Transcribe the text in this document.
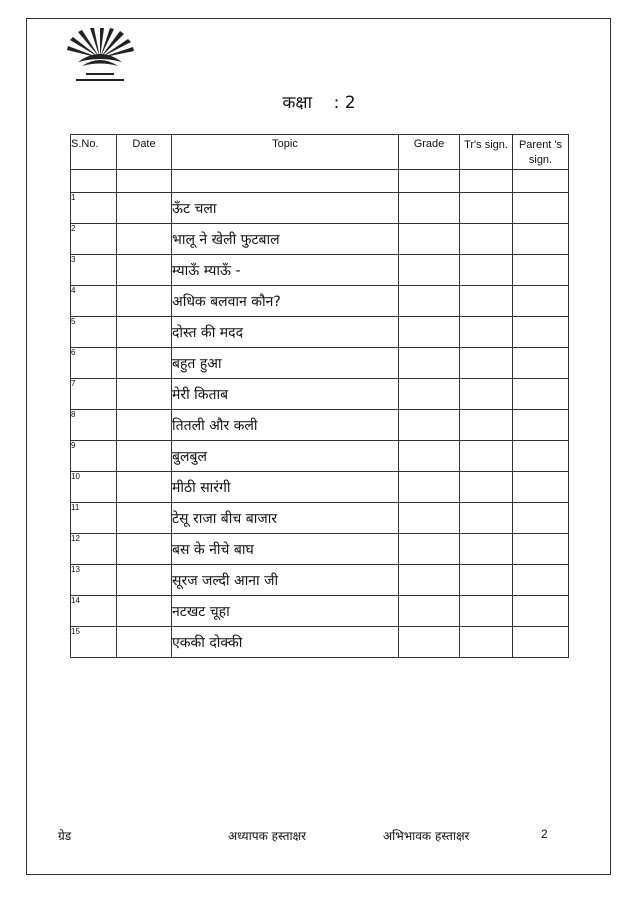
कक्षा : 2
S.No.	Date	Topic	Grade	Tr's sign.	Parent 's sign.

1		ऊँट चला			
2		भालू ने खेली फुटबाल			
3		म्याऊँ म्याऊँ -			
4		अधिक बलवान कौन?			
5		दोस्त की मदद			
6		बहुत हुआ			
7		मेरी किताब			
8		तितली और कली			
9		बुलबुल			
10		मीठी सारंगी			
11		टेसू राजा बीच बाजार			
12		बस के नीचे बाघ			
13		सूरज जल्दी आना जी			
14		नटखट चूहा			
15		एककी दोक्की			
ग्रेड	अध्यापक हस्ताक्षर	अभिभावक हस्ताक्षर	2
